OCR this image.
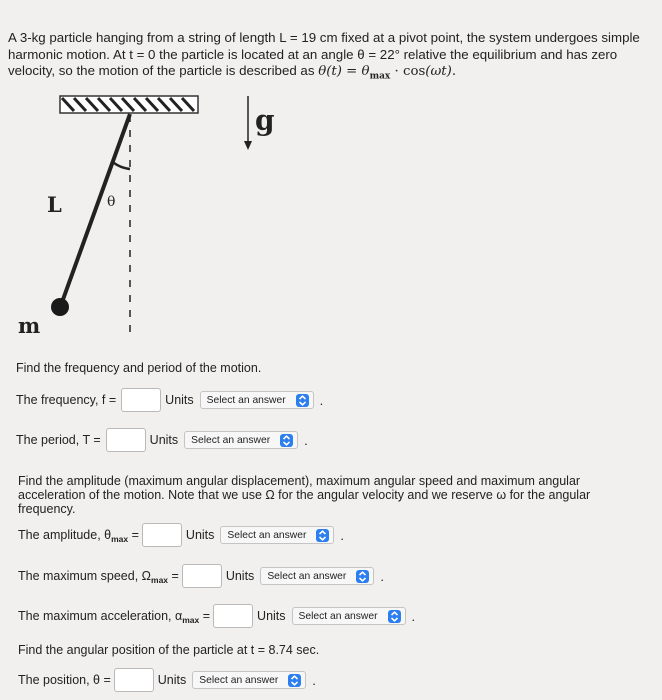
A 3-kg particle hanging from a string of length L = 19 cm fixed at a pivot point, the system undergoes simple harmonic motion. At t = 0 the particle is located at an angle θ = 22° relative the equilibrium and has zero velocity, so the motion of the particle is described as $\theta(t) = \theta_{max} \cdot \cos(\omega t)$.
g
L	θ
m
Find the frequency and period of the motion.
The frequency, f =	Units Select an answer	.
The period, T =	Units Select an answer	.
Find the amplitude (maximum angular displacement), maximum angular speed and maximum angular acceleration of the motion. Note that we use Ω for the angular velocity and we reserve ω for the angular frequency.
The amplitude, $\theta_{max}$ =	Units Select an answer	.
The maximum speed, $\Omega_{max}$ =	Units Select an answer	.
The maximum acceleration, $\alpha_{max}$ =	Units Select an answer	.
Find the angular position of the particle at t = 8.74 sec.
The position, θ =	Units Select an answer	.
